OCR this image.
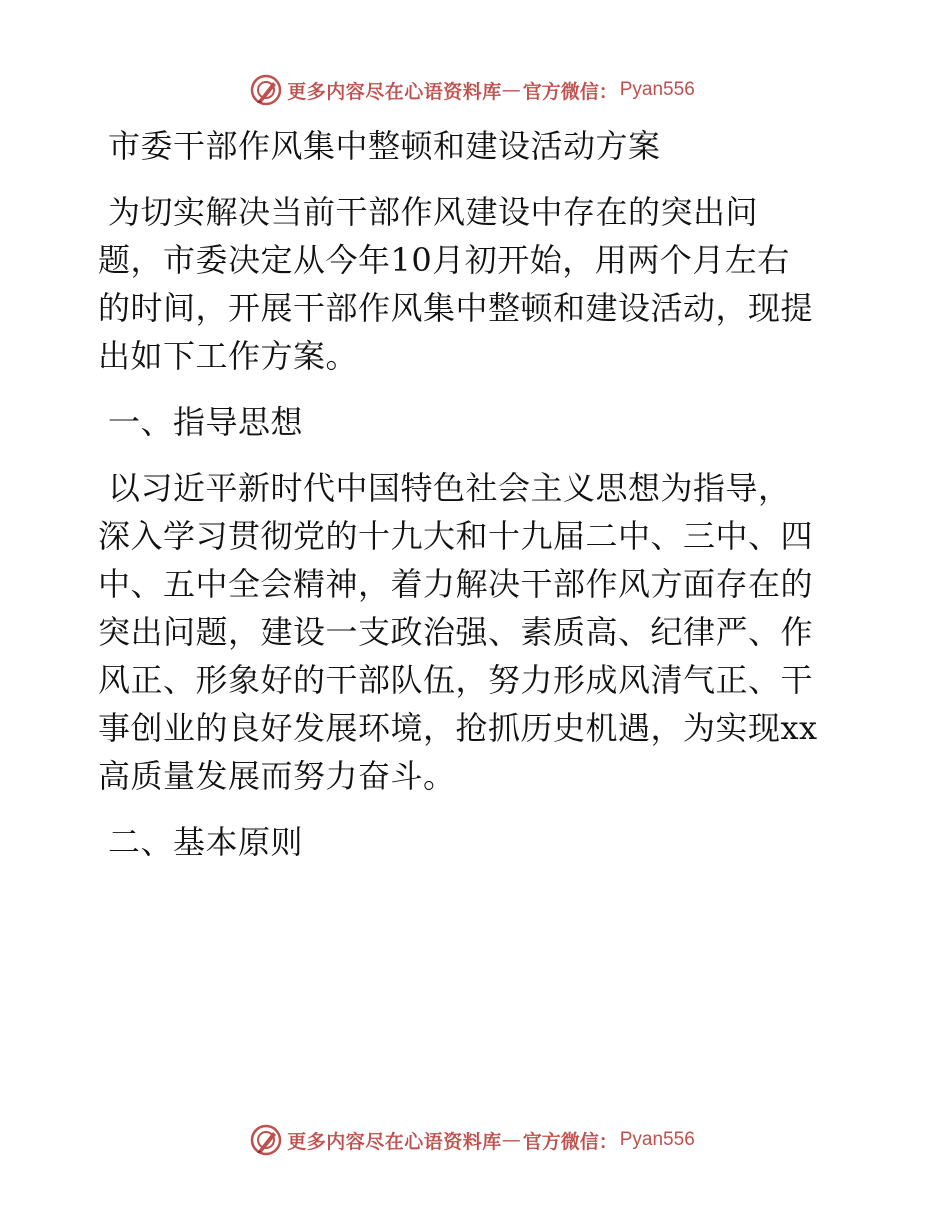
更多内容尽在心语资料库 — 官方微信： Pyan556
市委干部作风集中整顿和建设活动方案
为切实解决当前干部作风建设中存在的突出问
题，市委决定从今年10月初开始，用两个月左右
的时间，开展干部作风集中整顿和建设活动，现提
出如下工作方案。
一、指导思想
以习近平新时代中国特色社会主义思想为指导，
深入学习贯彻党的十九大和十九届二中、三中、四
中、五中全会精神，着力解决干部作风方面存在的
突出问题，建设一支政治强、素质高、纪律严、作
风正、形象好的干部队伍，努力形成风清气正、干
事创业的良好发展环境，抢抓历史机遇，为实现xx
高质量发展而努力奋斗。
二、基本原则
更多内容尽在心语资料库 — 官方微信： Pyan556
